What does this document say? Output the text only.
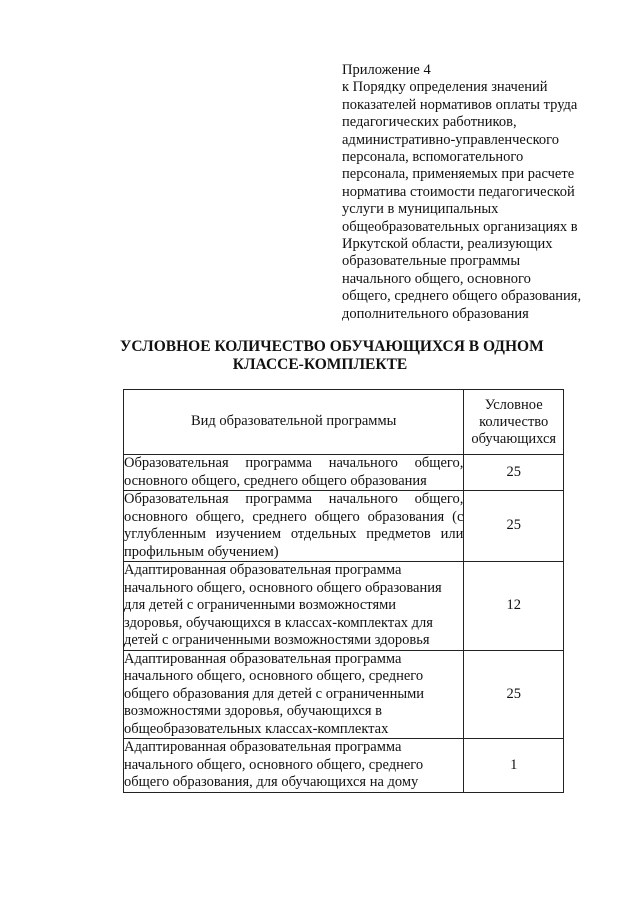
Приложение 4
к Порядку определения значений
показателей нормативов оплаты труда
педагогических работников,
административно-управленческого
персонала, вспомогательного
персонала, применяемых при расчете
норматива стоимости педагогической
услуги в муниципальных
общеобразовательных организациях в
Иркутской области, реализующих
образовательные программы
начального общего, основного
общего, среднего общего образования,
дополнительного образования
УСЛОВНОЕ КОЛИЧЕСТВО ОБУЧАЮЩИХСЯ В ОДНОМ
КЛАССЕ-КОМПЛЕКТЕ
Вид образовательной программы	Условное
количество
обучающихся

Образовательная программа начального общего,
основного общего, среднего общего образования	25

Образовательная программа начального общего,
основного общего, среднего общего образования (с
углубленным изучением отдельных предметов или
профильным обучением)	25

Адаптированная образовательная программа
начального общего, основного общего образования
для детей с ограниченными возможностями
здоровья, обучающихся в классах-комплектах для
детей с ограниченными возможностями здоровья	12

Адаптированная образовательная программа
начального общего, основного общего, среднего
общего образования для детей с ограниченными
возможностями здоровья, обучающихся в
общеобразовательных классах-комплектах	25

Адаптированная образовательная программа
начального общего, основного общего, среднего
общего образования, для обучающихся на дому	1
